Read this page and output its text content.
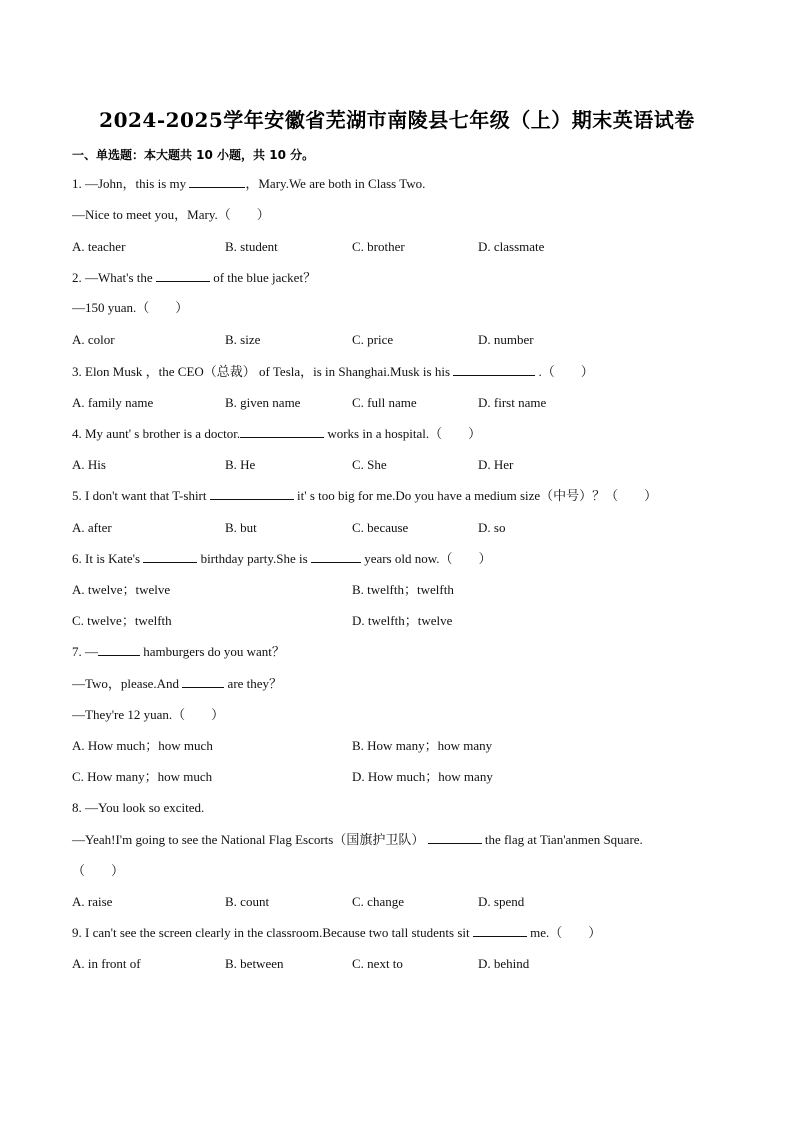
2024-2025学年安徽省芜湖市南陵县七年级（上）期末英语试卷
一、单选题：本大题共 10 小题，共 10 分。
1. —John，this is my	，Mary.We are both in Class Two.
—Nice to meet you，Mary.（　　）
A. teacher	B. student	C. brother	D. classmate
2. —What's the	of the blue jacket？
—150 yuan.（　　）
A. color	B. size	C. price	D. number
3. Elon Musk ，the CEO（总裁） of Tesla，is in Shanghai.Musk is his	.（　　）
A. family name	B. given name	C. full name	D. first name
4. My aunt' s brother is a doctor.	works in a hospital.（　　）
A. His	B. He	C. She	D. Her
5. I don't want that T-shirt	it' s too big for me.Do you have a medium size（中号）？（　　）
A. after	B. but	C. because	D. so
6. It is Kate's	birthday party.She is	years old now.（　　）
A. twelve；twelve	B. twelfth；twelfth
C. twelve；twelfth	D. twelfth；twelve
7. —	hamburgers do you want？
—Two，please.And	are they？
—They're 12 yuan.（　　）
A. How much；how much	B. How many；how many
C. How many；how much	D. How much；how many
8. —You look so excited.
—Yeah!I'm going to see the National Flag Escorts（国旗护卫队）	the flag at Tian'anmen Square.
（　　）
A. raise	B. count	C. change	D. spend
9. I can't see the screen clearly in the classroom.Because two tall students sit	me.（　　）
A. in front of	B. between	C. next to	D. behind
